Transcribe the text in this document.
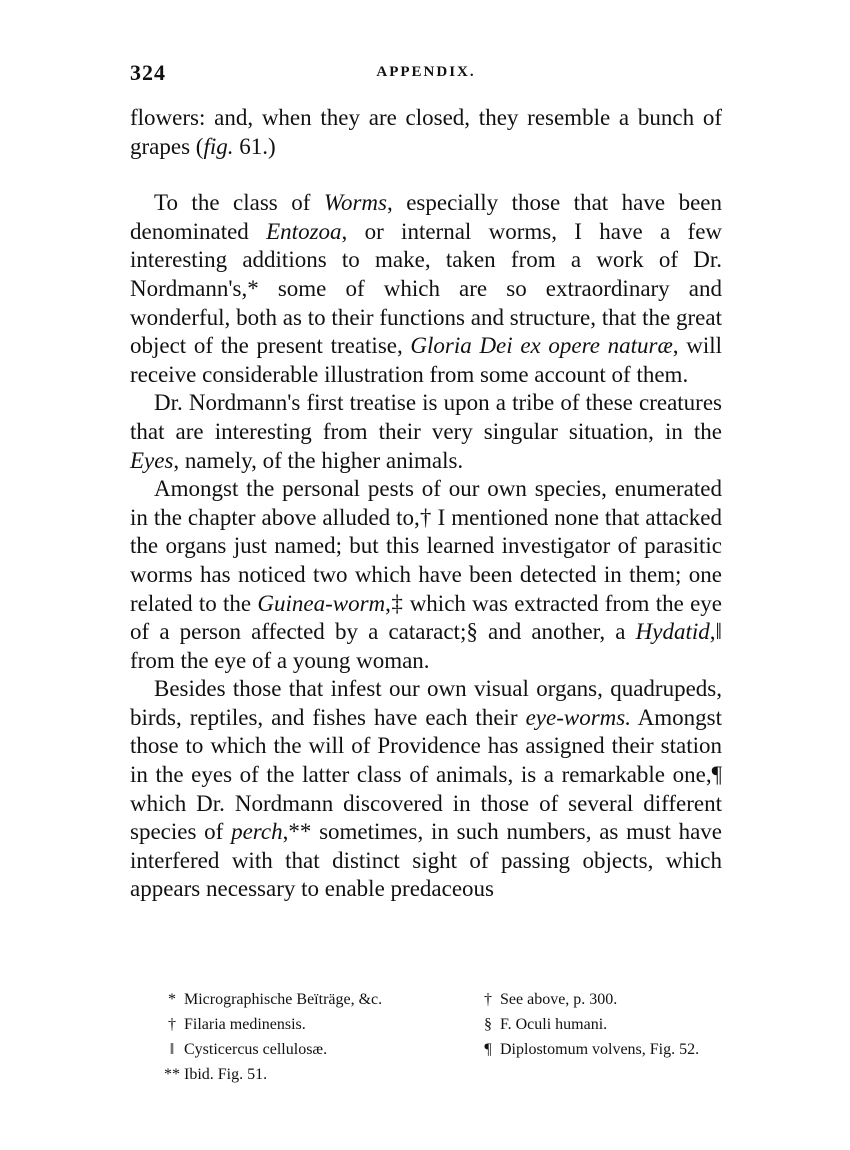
324	APPENDIX.

flowers: and, when they are closed, they resemble a bunch of grapes (fig. 61.)

To the class of Worms, especially those that have been denominated Entozoa, or internal worms, I have a few interesting additions to make, taken from a work of Dr. Nordmann's,* some of which are so extraordinary and wonderful, both as to their functions and structure, that the great object of the present treatise, Gloria Dei ex opere naturæ, will receive considerable illustration from some account of them.

Dr. Nordmann's first treatise is upon a tribe of these creatures that are interesting from their very singular situation, in the Eyes, namely, of the higher animals.

Amongst the personal pests of our own species, enumerated in the chapter above alluded to,† I mentioned none that attacked the organs just named; but this learned investigator of parasitic worms has noticed two which have been detected in them; one related to the Guinea-worm,‡ which was extracted from the eye of a person affected by a cataract;§ and another, a Hydatid,‖ from the eye of a young woman.

Besides those that infest our own visual organs, quadrupeds, birds, reptiles, and fishes have each their eye-worms. Amongst those to which the will of Providence has assigned their station in the eyes of the latter class of animals, is a remarkable one,¶ which Dr. Nordmann discovered in those of several different species of perch,** sometimes, in such numbers, as must have interfered with that distinct sight of passing objects, which appears necessary to enable predaceous

* Micrographische Beïträge, &c.	† See above, p. 300.
† Filaria medinensis.	§ F. Oculi humani.
‖ Cysticercus cellulosæ.	¶ Diplostomum volvens, Fig. 52.
** Ibid. Fig. 51.
